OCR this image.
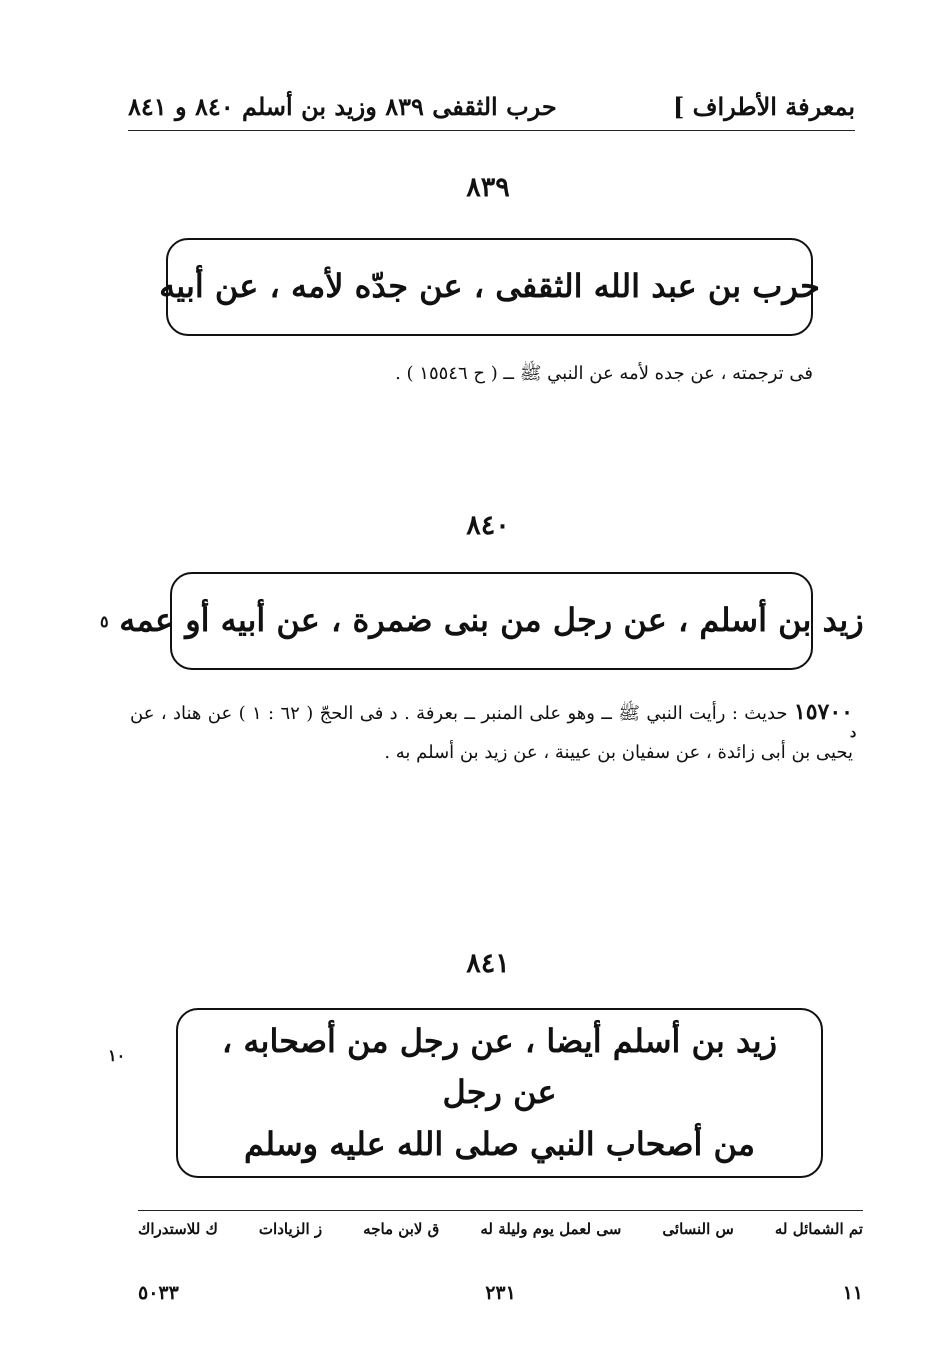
بمعرفة الأطراف ]
حرب الثقفى ٨٣٩ وزيد بن أسلم ٨٤٠ و ٨٤١
٨٣٩
حرب بن عبد الله الثقفى ، عن جدّه لأمه ، عن أبيه
فى ترجمته ، عن جده لأمه عن النبي ﷺ ــ ( ح ١٥٥٤٦ ) .
٨٤٠
زيد بن أسلم ، عن رجل من بنى ضمرة ، عن أبيه أو عمه
٥
١٥٧٠٠ حديث : رأيت النبي ﷺ ــ وهو على المنبر ــ بعرفة . د فى الحجّ ( ٦٢ : ١ ) عن هناد ، عن يحيى بن أبى زائدة ، عن سفيان بن عيينة ، عن زيد بن أسلم به .
د
٨٤١
زيد بن أسلم أيضا ، عن رجل من أصحابه ، عن رجل
من أصحاب النبي صلى الله عليه وسلم
١٠
تم الشمائل له
س النسائى
سى لعمل يوم وليلة له
ق لابن ماجه
ز الزيادات
ك للاستدراك
١١
٢٣١
٥٠٣٣
